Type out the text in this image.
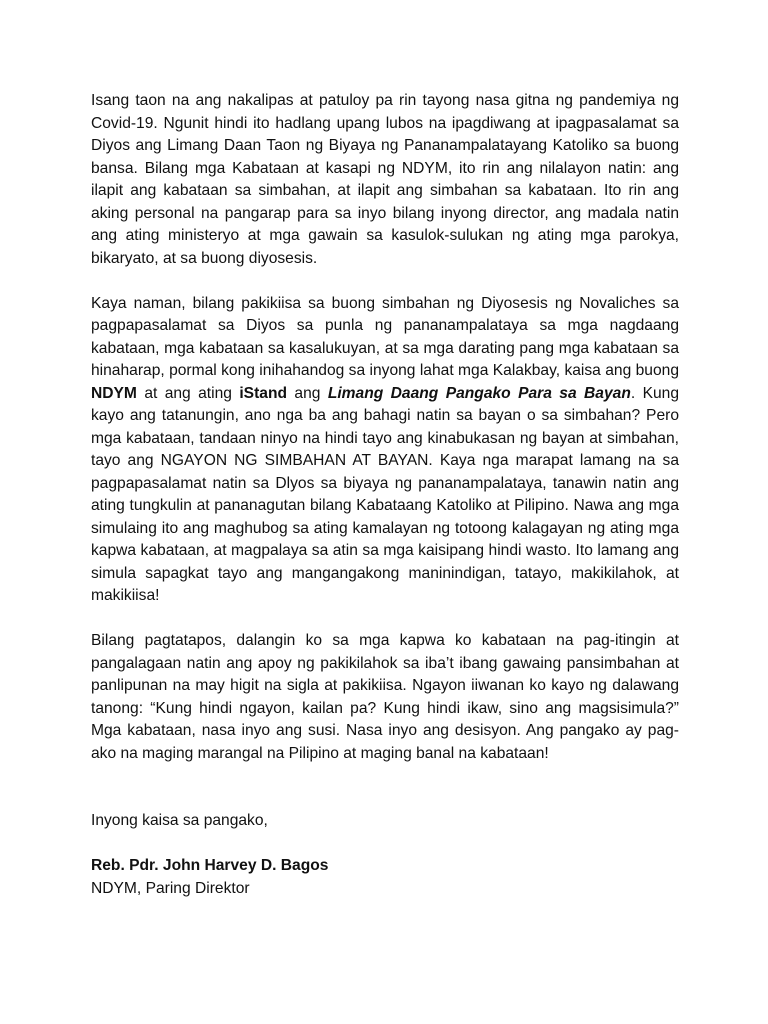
Isang taon na ang nakalipas at patuloy pa rin tayong nasa gitna ng pandemiya ng Covid-19. Ngunit hindi ito hadlang upang lubos na ipagdiwang at ipagpasalamat sa Diyos ang Limang Daan Taon ng Biyaya ng Pananampalatayang Katoliko sa buong bansa. Bilang mga Kabataan at kasapi ng NDYM, ito rin ang nilalayon natin: ang ilapit ang kabataan sa simbahan, at ilapit ang simbahan sa kabataan. Ito rin ang aking personal na pangarap para sa inyo bilang inyong director, ang madala natin ang ating ministeryo at mga gawain sa kasulok-sulukan ng ating mga parokya, bikaryato, at sa buong diyosesis.

Kaya naman, bilang pakikiisa sa buong simbahan ng Diyosesis ng Novaliches sa pagpapasalamat sa Diyos sa punla ng pananampalataya sa mga nagdaang kabataan, mga kabataan sa kasalukuyan, at sa mga darating pang mga kabataan sa hinaharap, pormal kong inihahandog sa inyong lahat mga Kalakbay, kaisa ang buong NDYM at ang ating iStand ang Limang Daang Pangako Para sa Bayan. Kung kayo ang tatanungin, ano nga ba ang bahagi natin sa bayan o sa simbahan? Pero mga kabataan, tandaan ninyo na hindi tayo ang kinabukasan ng bayan at simbahan, tayo ang NGAYON NG SIMBAHAN AT BAYAN. Kaya nga marapat lamang na sa pagpapasalamat natin sa Dlyos sa biyaya ng pananampalataya, tanawin natin ang ating tungkulin at pananagutan bilang Kabataang Katoliko at Pilipino. Nawa ang mga simulaing ito ang maghubog sa ating kamalayan ng totoong kalagayan ng ating mga kapwa kabataan, at magpalaya sa atin sa mga kaisipang hindi wasto. Ito lamang ang simula sapagkat tayo ang mangangakong maninindigan, tatayo, makikilahok, at makikiisa!

Bilang pagtatapos, dalangin ko sa mga kapwa ko kabataan na pag-itingin at pangalagaan natin ang apoy ng pakikilahok sa iba’t ibang gawaing pansimbahan at panlipunan na may higit na sigla at pakikiisa. Ngayon iiwanan ko kayo ng dalawang tanong: “Kung hindi ngayon, kailan pa? Kung hindi ikaw, sino ang magsisimula?” Mga kabataan, nasa inyo ang susi. Nasa inyo ang desisyon. Ang pangako ay pag-ako na maging marangal na Pilipino at maging banal na kabataan!

Inyong kaisa sa pangako,

Reb. Pdr. John Harvey D. Bagos

NDYM, Paring Direktor
